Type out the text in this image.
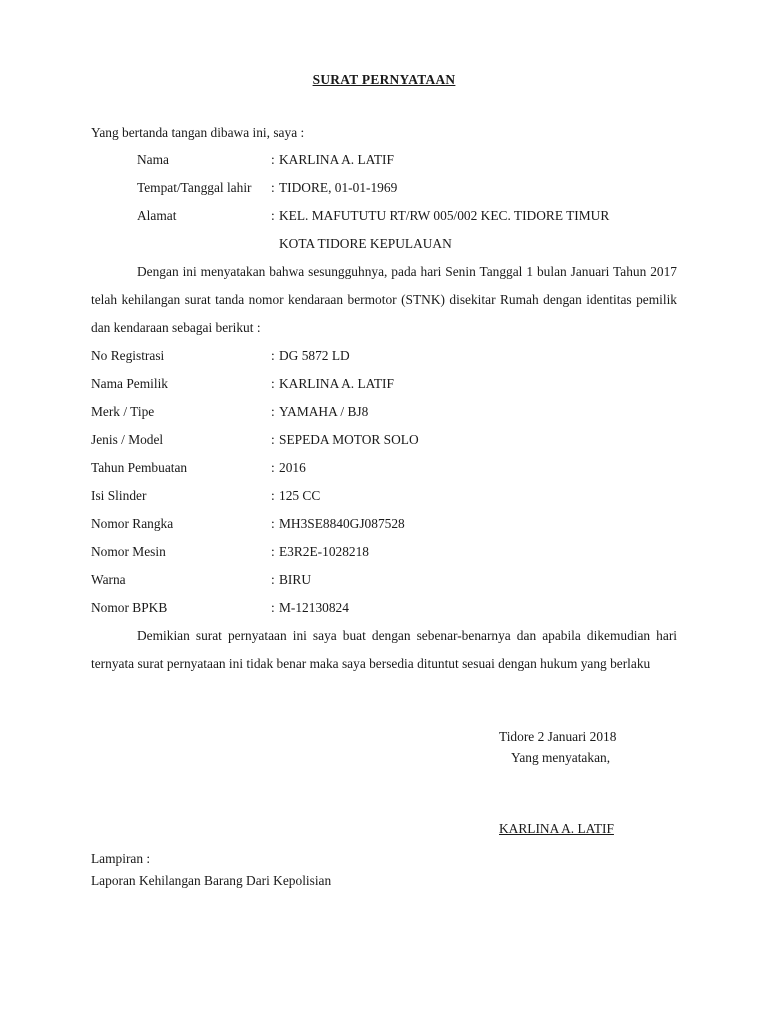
SURAT PERNYATAAN
Yang bertanda tangan dibawa ini, saya :
Nama	: KARLINA A. LATIF
Tempat/Tanggal lahir : TIDORE, 01-01-1969
Alamat	: KEL. MAFUTUTU RT/RW 005/002 KEC. TIDORE TIMUR
KOTA TIDORE KEPULAUAN
Dengan ini menyatakan bahwa sesungguhnya, pada hari Senin Tanggal 1 bulan Januari Tahun 2017 telah kehilangan surat tanda nomor kendaraan bermotor (STNK) disekitar Rumah dengan identitas pemilik dan kendaraan sebagai berikut :
No Registrasi	: DG 5872 LD
Nama Pemilik	: KARLINA A. LATIF
Merk / Tipe	: YAMAHA / BJ8
Jenis / Model	: SEPEDA MOTOR SOLO
Tahun Pembuatan	: 2016
Isi Slinder	: 125 CC
Nomor Rangka	: MH3SE8840GJ087528
Nomor Mesin	: E3R2E-1028218
Warna	: BIRU
Nomor BPKB	: M-12130824
Demikian surat pernyataan ini saya buat dengan sebenar-benarnya dan apabila dikemudian hari ternyata surat pernyataan ini tidak benar maka saya bersedia dituntut sesuai dengan hukum yang berlaku
Tidore 2 Januari 2018
Yang menyatakan,
KARLINA A. LATIF
Lampiran :
Laporan Kehilangan Barang Dari Kepolisian
